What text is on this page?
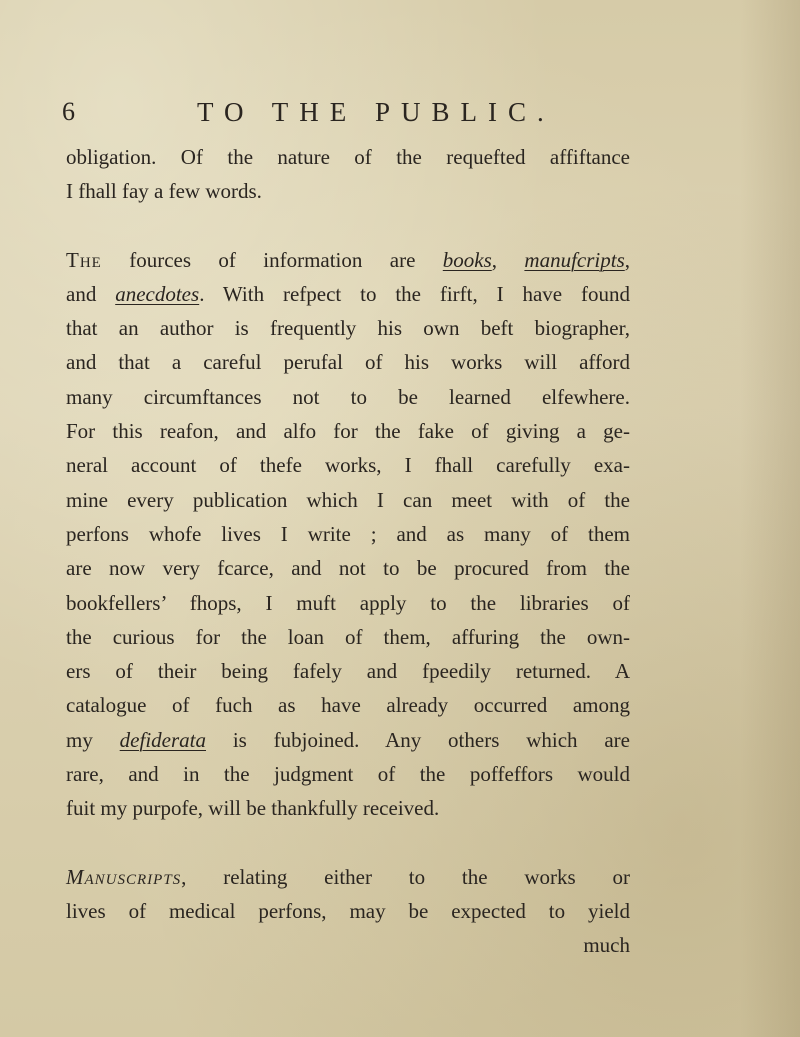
6	TO THE PUBLIC.

obligation. Of the nature of the requefted affiftance
I fhall fay a few words.

The fources of information are books, manufcripts,
and anecdotes. With refpect to the firft, I have found
that an author is frequently his own beft biographer,
and that a careful perufal of his works will afford
many circumftances not to be learned elfewhere.
For this reafon, and alfo for the fake of giving a ge-
neral account of thefe works, I fhall carefully exa-
mine every publication which I can meet with of the
perfons whofe lives I write ; and as many of them
are now very fcarce, and not to be procured from the
bookfellers’ fhops, I muft apply to the libraries of
the curious for the loan of them, affuring the own-
ers of their being fafely and fpeedily returned. A
catalogue of fuch as have already occurred among
my defiderata is fubjoined. Any others which are
rare, and in the judgment of the poffeffors would
fuit my purpofe, will be thankfully received.

Manuscripts, relating either to the works or
lives of medical perfons, may be expected to yield
much
